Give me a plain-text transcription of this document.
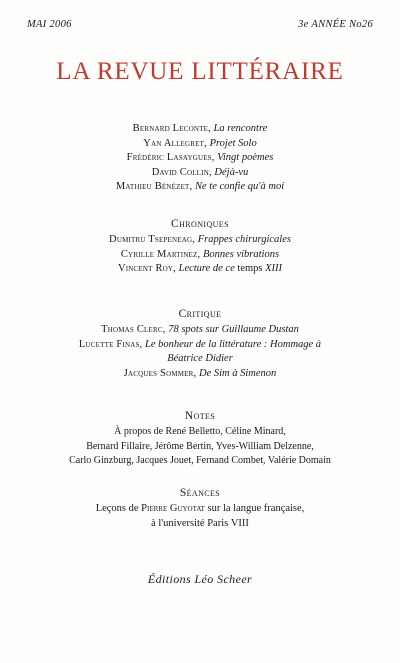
MAI 2006	3e ANNÉE No26
LA REVUE LITTÉRAIRE
Bernard Leconte, La rencontre
Yan Allegret, Projet Solo
Frédéric Lasaygues, Vingt poèmes
David Collin, Déjà-vu
Mathieu Bénézet, Ne te confie qu'à moi
Chroniques
Dumitru Tsepeneag, Frappes chirurgicales
Cyrille Martinez, Bonnes vibrations
Vincent Roy, Lecture de ce temps XIII
Critique
Thomas Clerc, 78 spots sur Guillaume Dustan
Lucette Finas, Le bonheur de la littérature : Hommage à
Béatrice Didier
Jacques Sommer, De Sim à Simenon
Notes
À propos de René Belletto, Céline Minard,
Bernard Fillaire, Jérôme Bertin, Yves-William Delzenne,
Carlo Ginzburg, Jacques Jouet, Fernand Combet, Valérie Domain
Séances
Leçons de Pierre Guyotat sur la langue française,
à l'université Paris VIII
Éditions Léo Scheer
